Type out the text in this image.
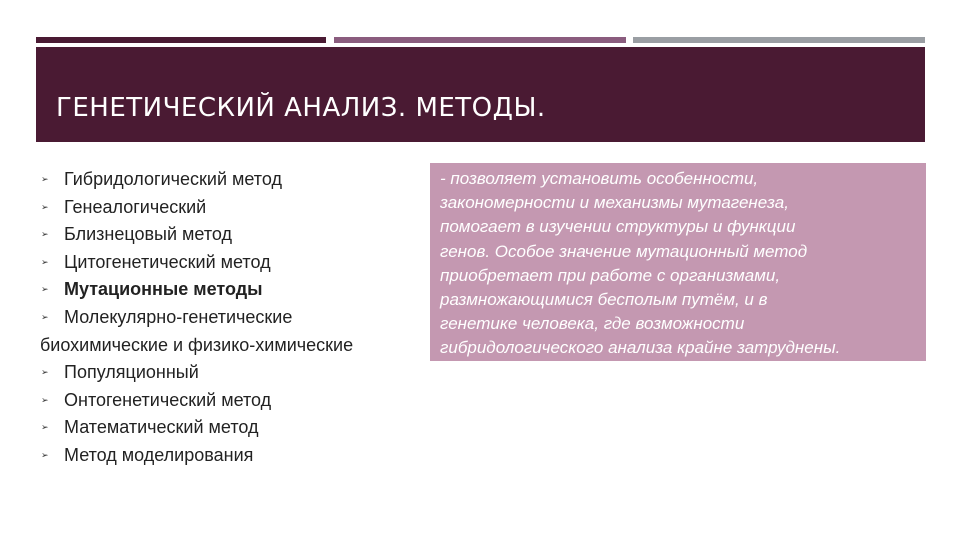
ГЕНЕТИЧЕСКИЙ АНАЛИЗ. МЕТОДЫ.
➢ Гибридологический метод
➢ Генеалогический
➢ Близнецовый метод
➢ Цитогенетический метод
➢ Мутационные методы
➢ Молекулярно-генетические
биохимические и физико-химические
➢ Популяционный
➢ Онтогенетический метод
➢ Математический метод
➢ Метод моделирования

- позволяет установить особенности,
закономерности и механизмы мутагенеза,
помогает в изучении структуры и функции
генов. Особое значение мутационный метод
приобретает при работе с организмами,
размножающимися бесполым путём, и в
генетике человека, где возможности
гибридологического анализа крайне затруднены.
